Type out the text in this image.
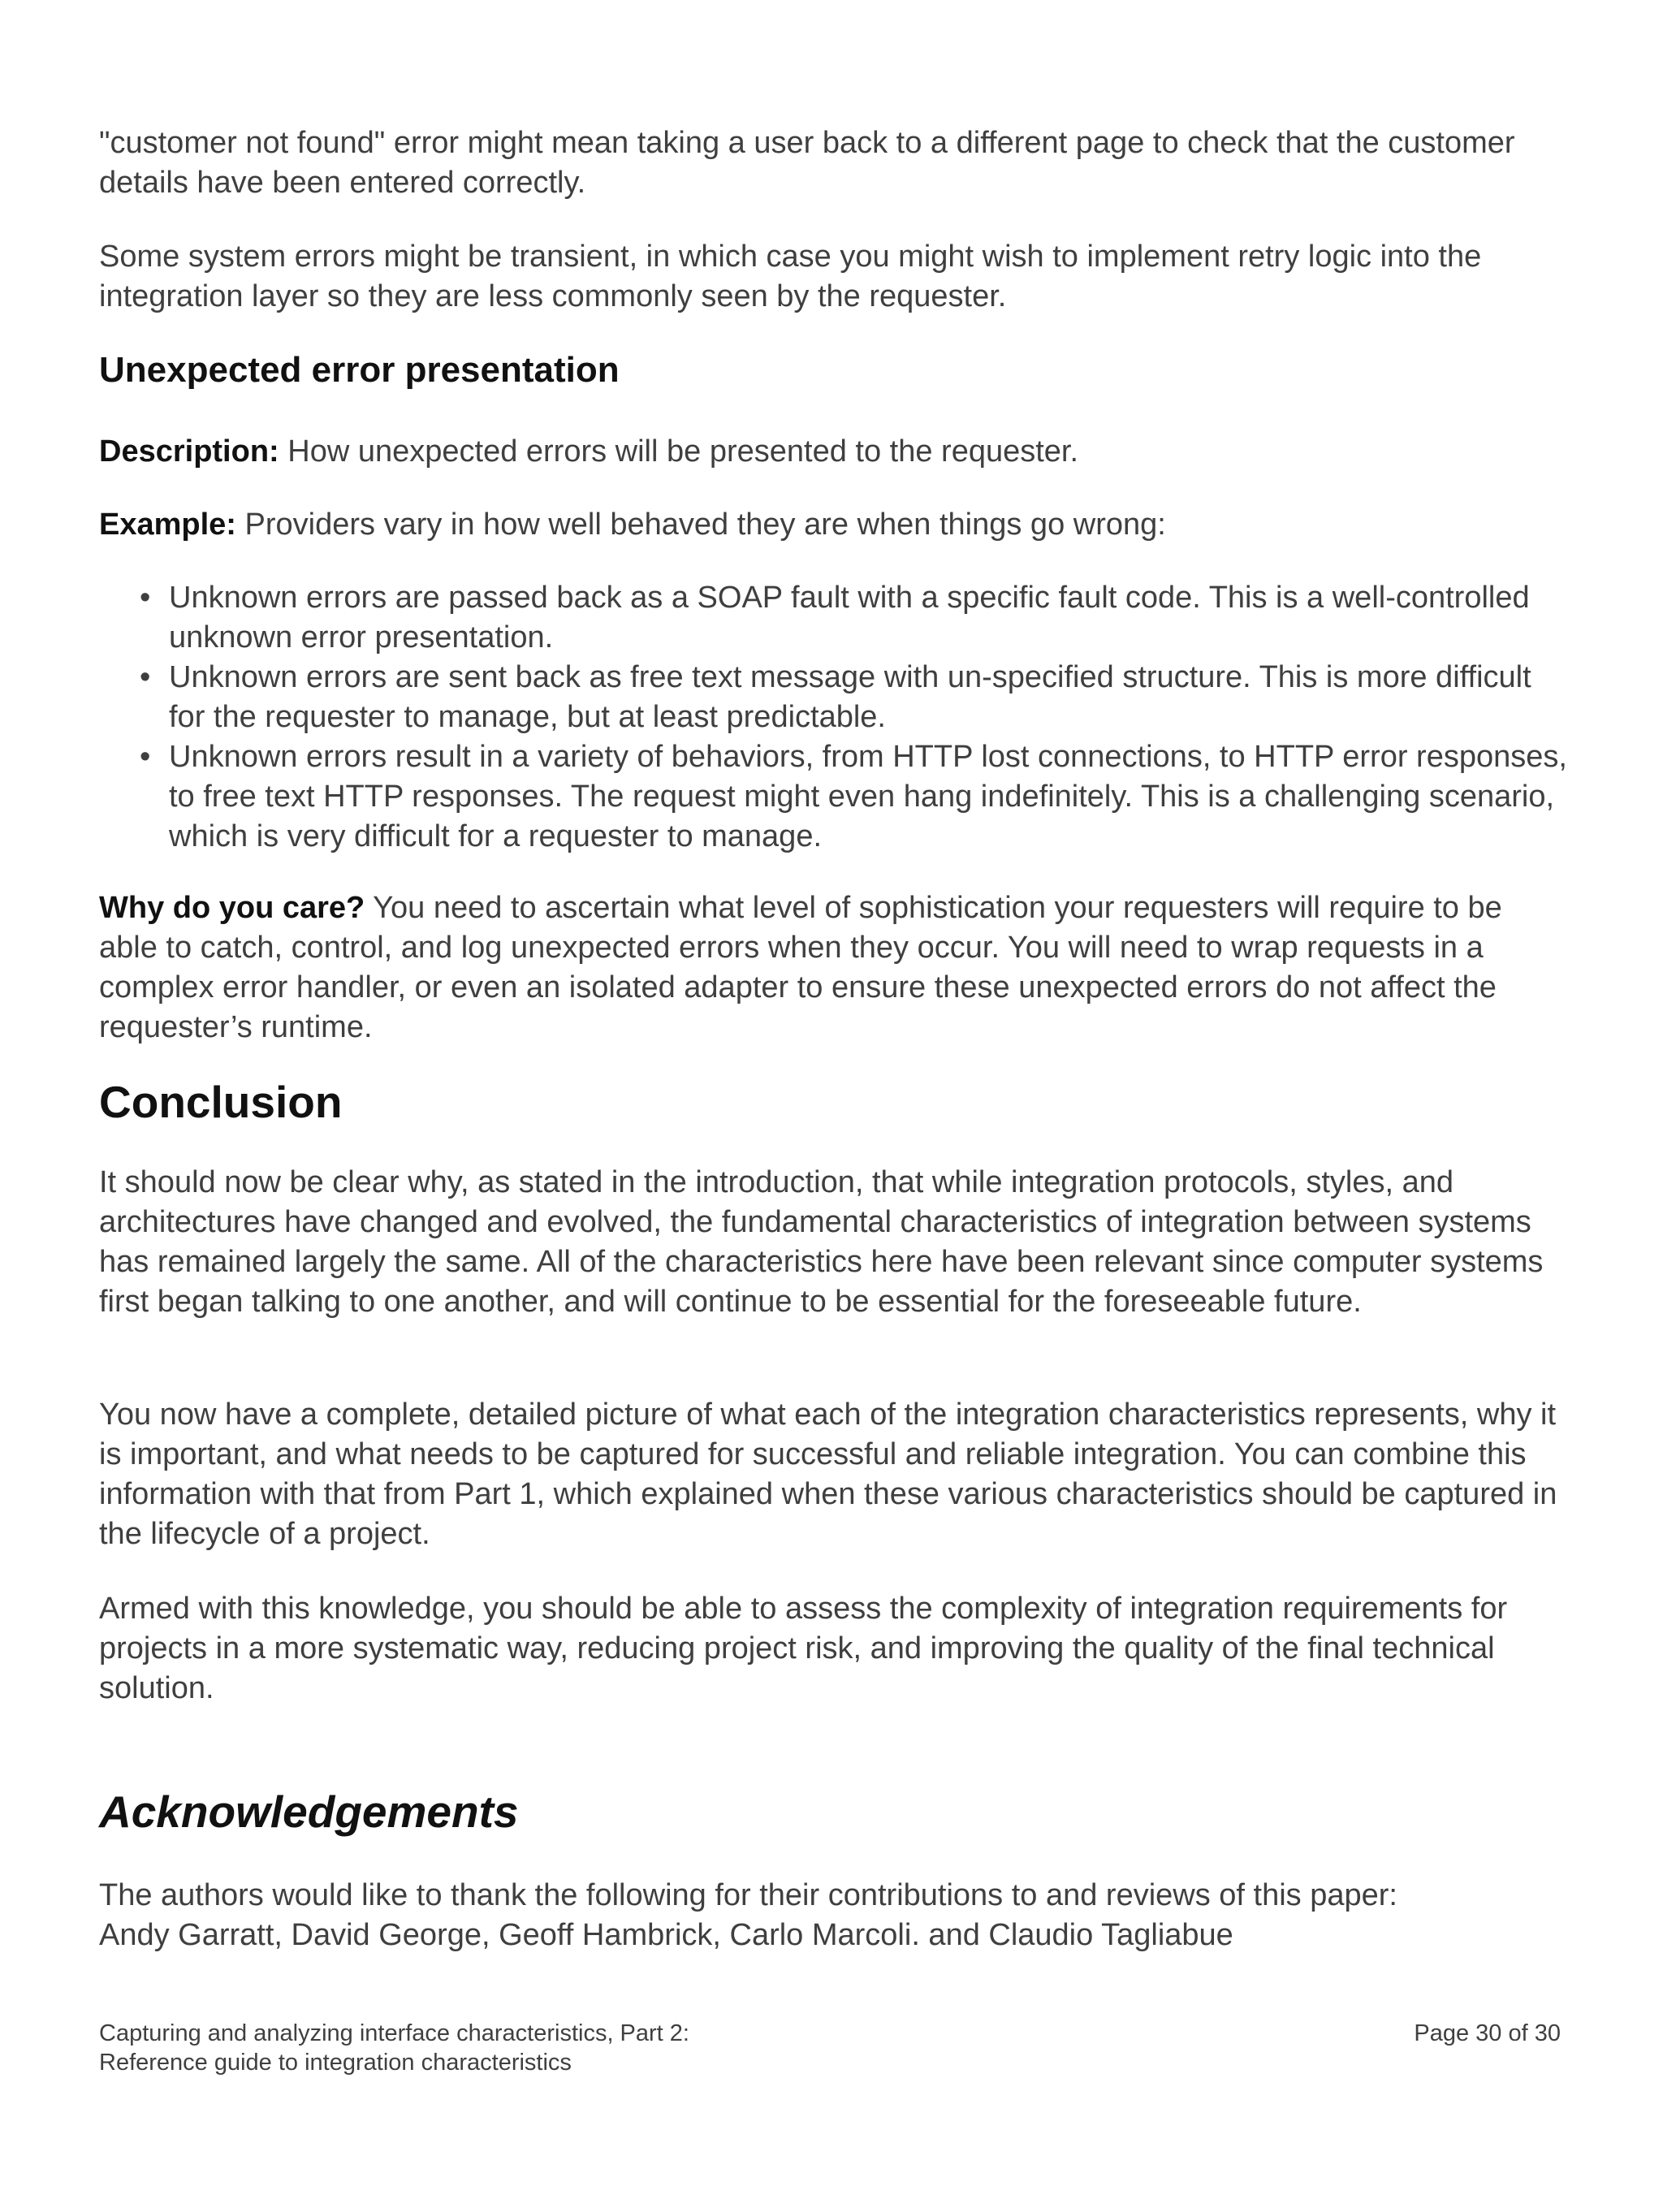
"customer not found" error might mean taking a user back to a different page to check that the customer details have been entered correctly.

Some system errors might be transient, in which case you might wish to implement retry logic into the integration layer so they are less commonly seen by the requester.

Unexpected error presentation

Description: How unexpected errors will be presented to the requester.

Example: Providers vary in how well behaved they are when things go wrong:

• Unknown errors are passed back as a SOAP fault with a specific fault code. This is a well-controlled unknown error presentation.
• Unknown errors are sent back as free text message with un-specified structure. This is more difficult for the requester to manage, but at least predictable.
• Unknown errors result in a variety of behaviors, from HTTP lost connections, to HTTP error responses, to free text HTTP responses. The request might even hang indefinitely. This is a challenging scenario, which is very difficult for a requester to manage.

Why do you care? You need to ascertain what level of sophistication your requesters will require to be able to catch, control, and log unexpected errors when they occur. You will need to wrap requests in a complex error handler, or even an isolated adapter to ensure these unexpected errors do not affect the requester’s runtime.

Conclusion

It should now be clear why, as stated in the introduction, that while integration protocols, styles, and architectures have changed and evolved, the fundamental characteristics of integration between systems has remained largely the same. All of the characteristics here have been relevant since computer systems first began talking to one another, and will continue to be essential for the foreseeable future.

You now have a complete, detailed picture of what each of the integration characteristics represents, why it is important, and what needs to be captured for successful and reliable integration. You can combine this information with that from Part 1, which explained when these various characteristics should be captured in the lifecycle of a project.

Armed with this knowledge, you should be able to assess the complexity of integration requirements for projects in a more systematic way, reducing project risk, and improving the quality of the final technical solution.

Acknowledgements

The authors would like to thank the following for their contributions to and reviews of this paper:
Andy Garratt, David George, Geoff Hambrick, Carlo Marcoli. and Claudio Tagliabue

Capturing and analyzing interface characteristics, Part 2:
Reference guide to integration characteristics
Page 30 of 30
